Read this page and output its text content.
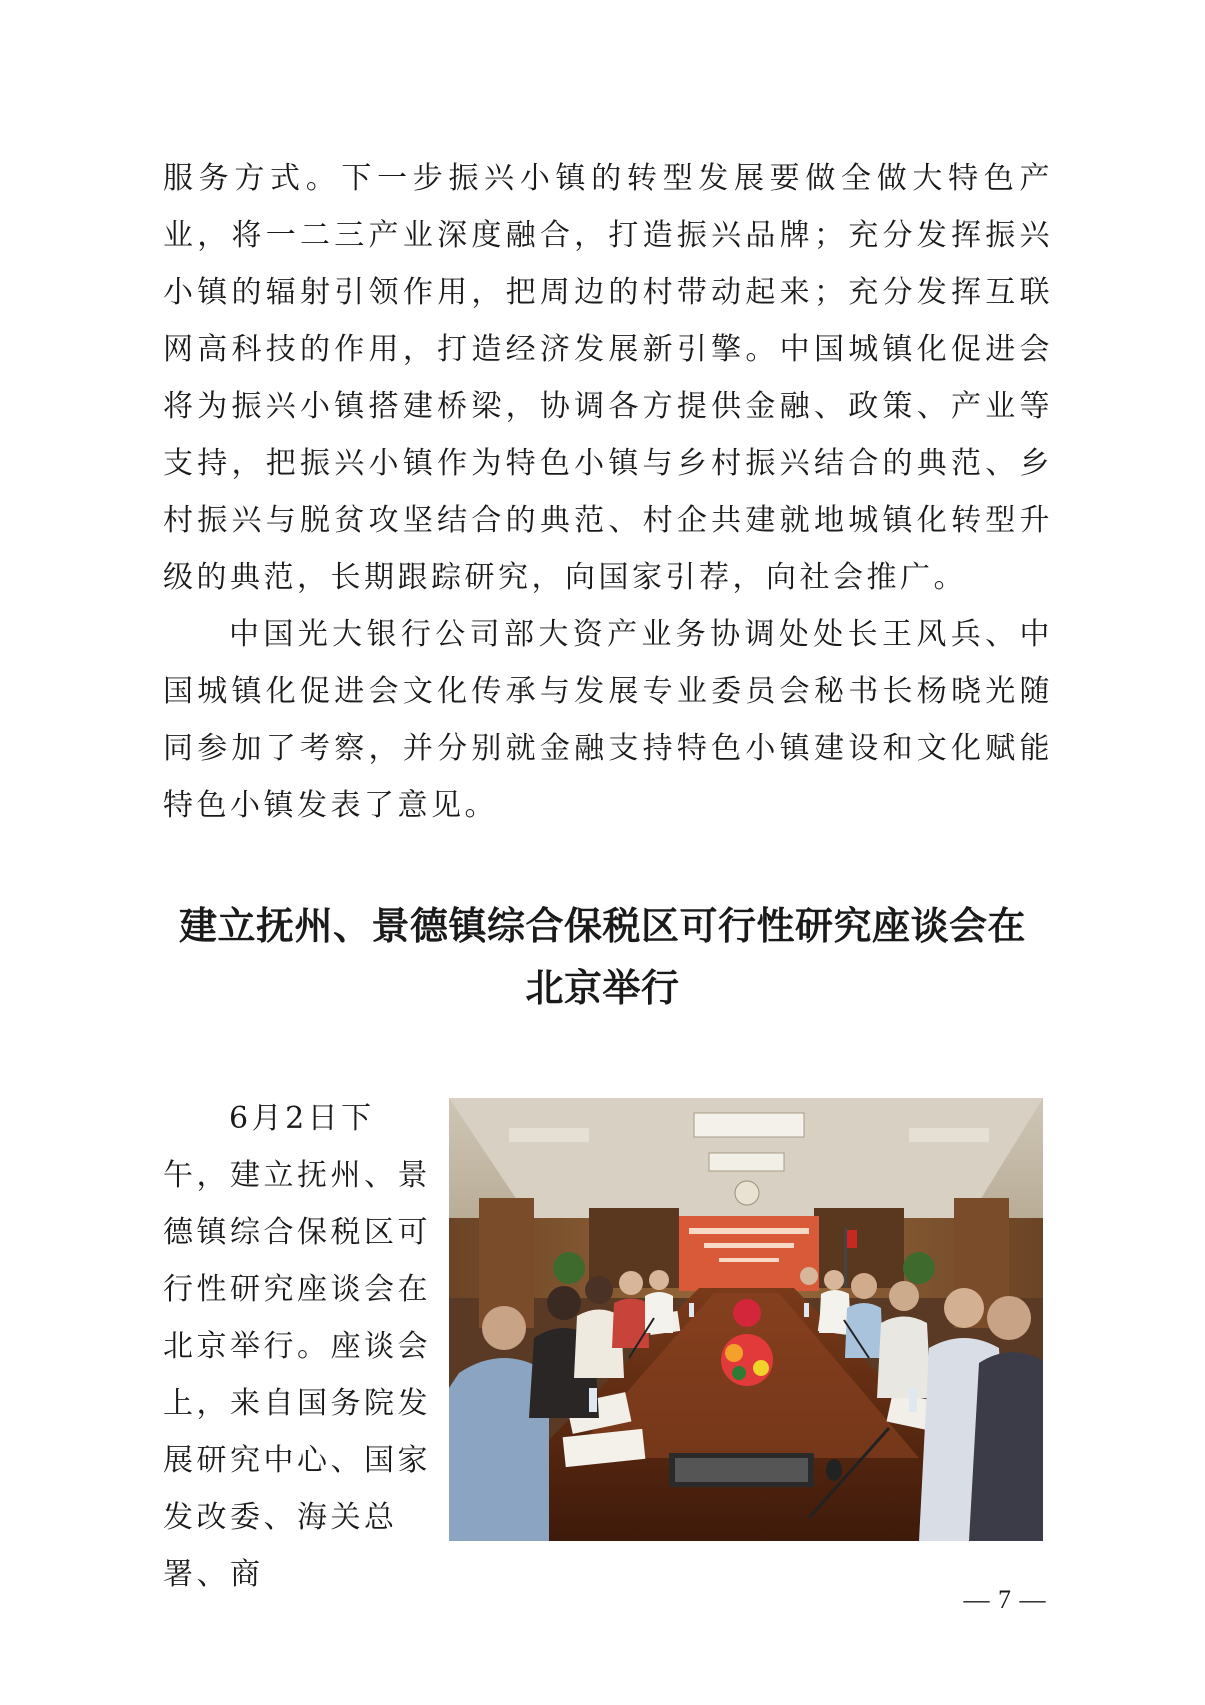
服务方式。下一步振兴小镇的转型发展要做全做大特色产业，将一二三产业深度融合，打造振兴品牌；充分发挥振兴小镇的辐射引领作用，把周边的村带动起来；充分发挥互联网高科技的作用，打造经济发展新引擎。中国城镇化促进会将为振兴小镇搭建桥梁，协调各方提供金融、政策、产业等支持，把振兴小镇作为特色小镇与乡村振兴结合的典范、乡村振兴与脱贫攻坚结合的典范、村企共建就地城镇化转型升级的典范，长期跟踪研究，向国家引荐，向社会推广。

中国光大银行公司部大资产业务协调处处长王风兵、中国城镇化促进会文化传承与发展专业委员会秘书长杨晓光随同参加了考察，并分别就金融支持特色小镇建设和文化赋能特色小镇发表了意见。

建立抚州、景德镇综合保税区可行性研究座谈会在
北京举行

6月2日下午，建立抚州、景德镇综合保税区可行性研究座谈会在北京举行。座谈会上，来自国务院发展研究中心、国家发改委、海关总署、商

— 7 —
